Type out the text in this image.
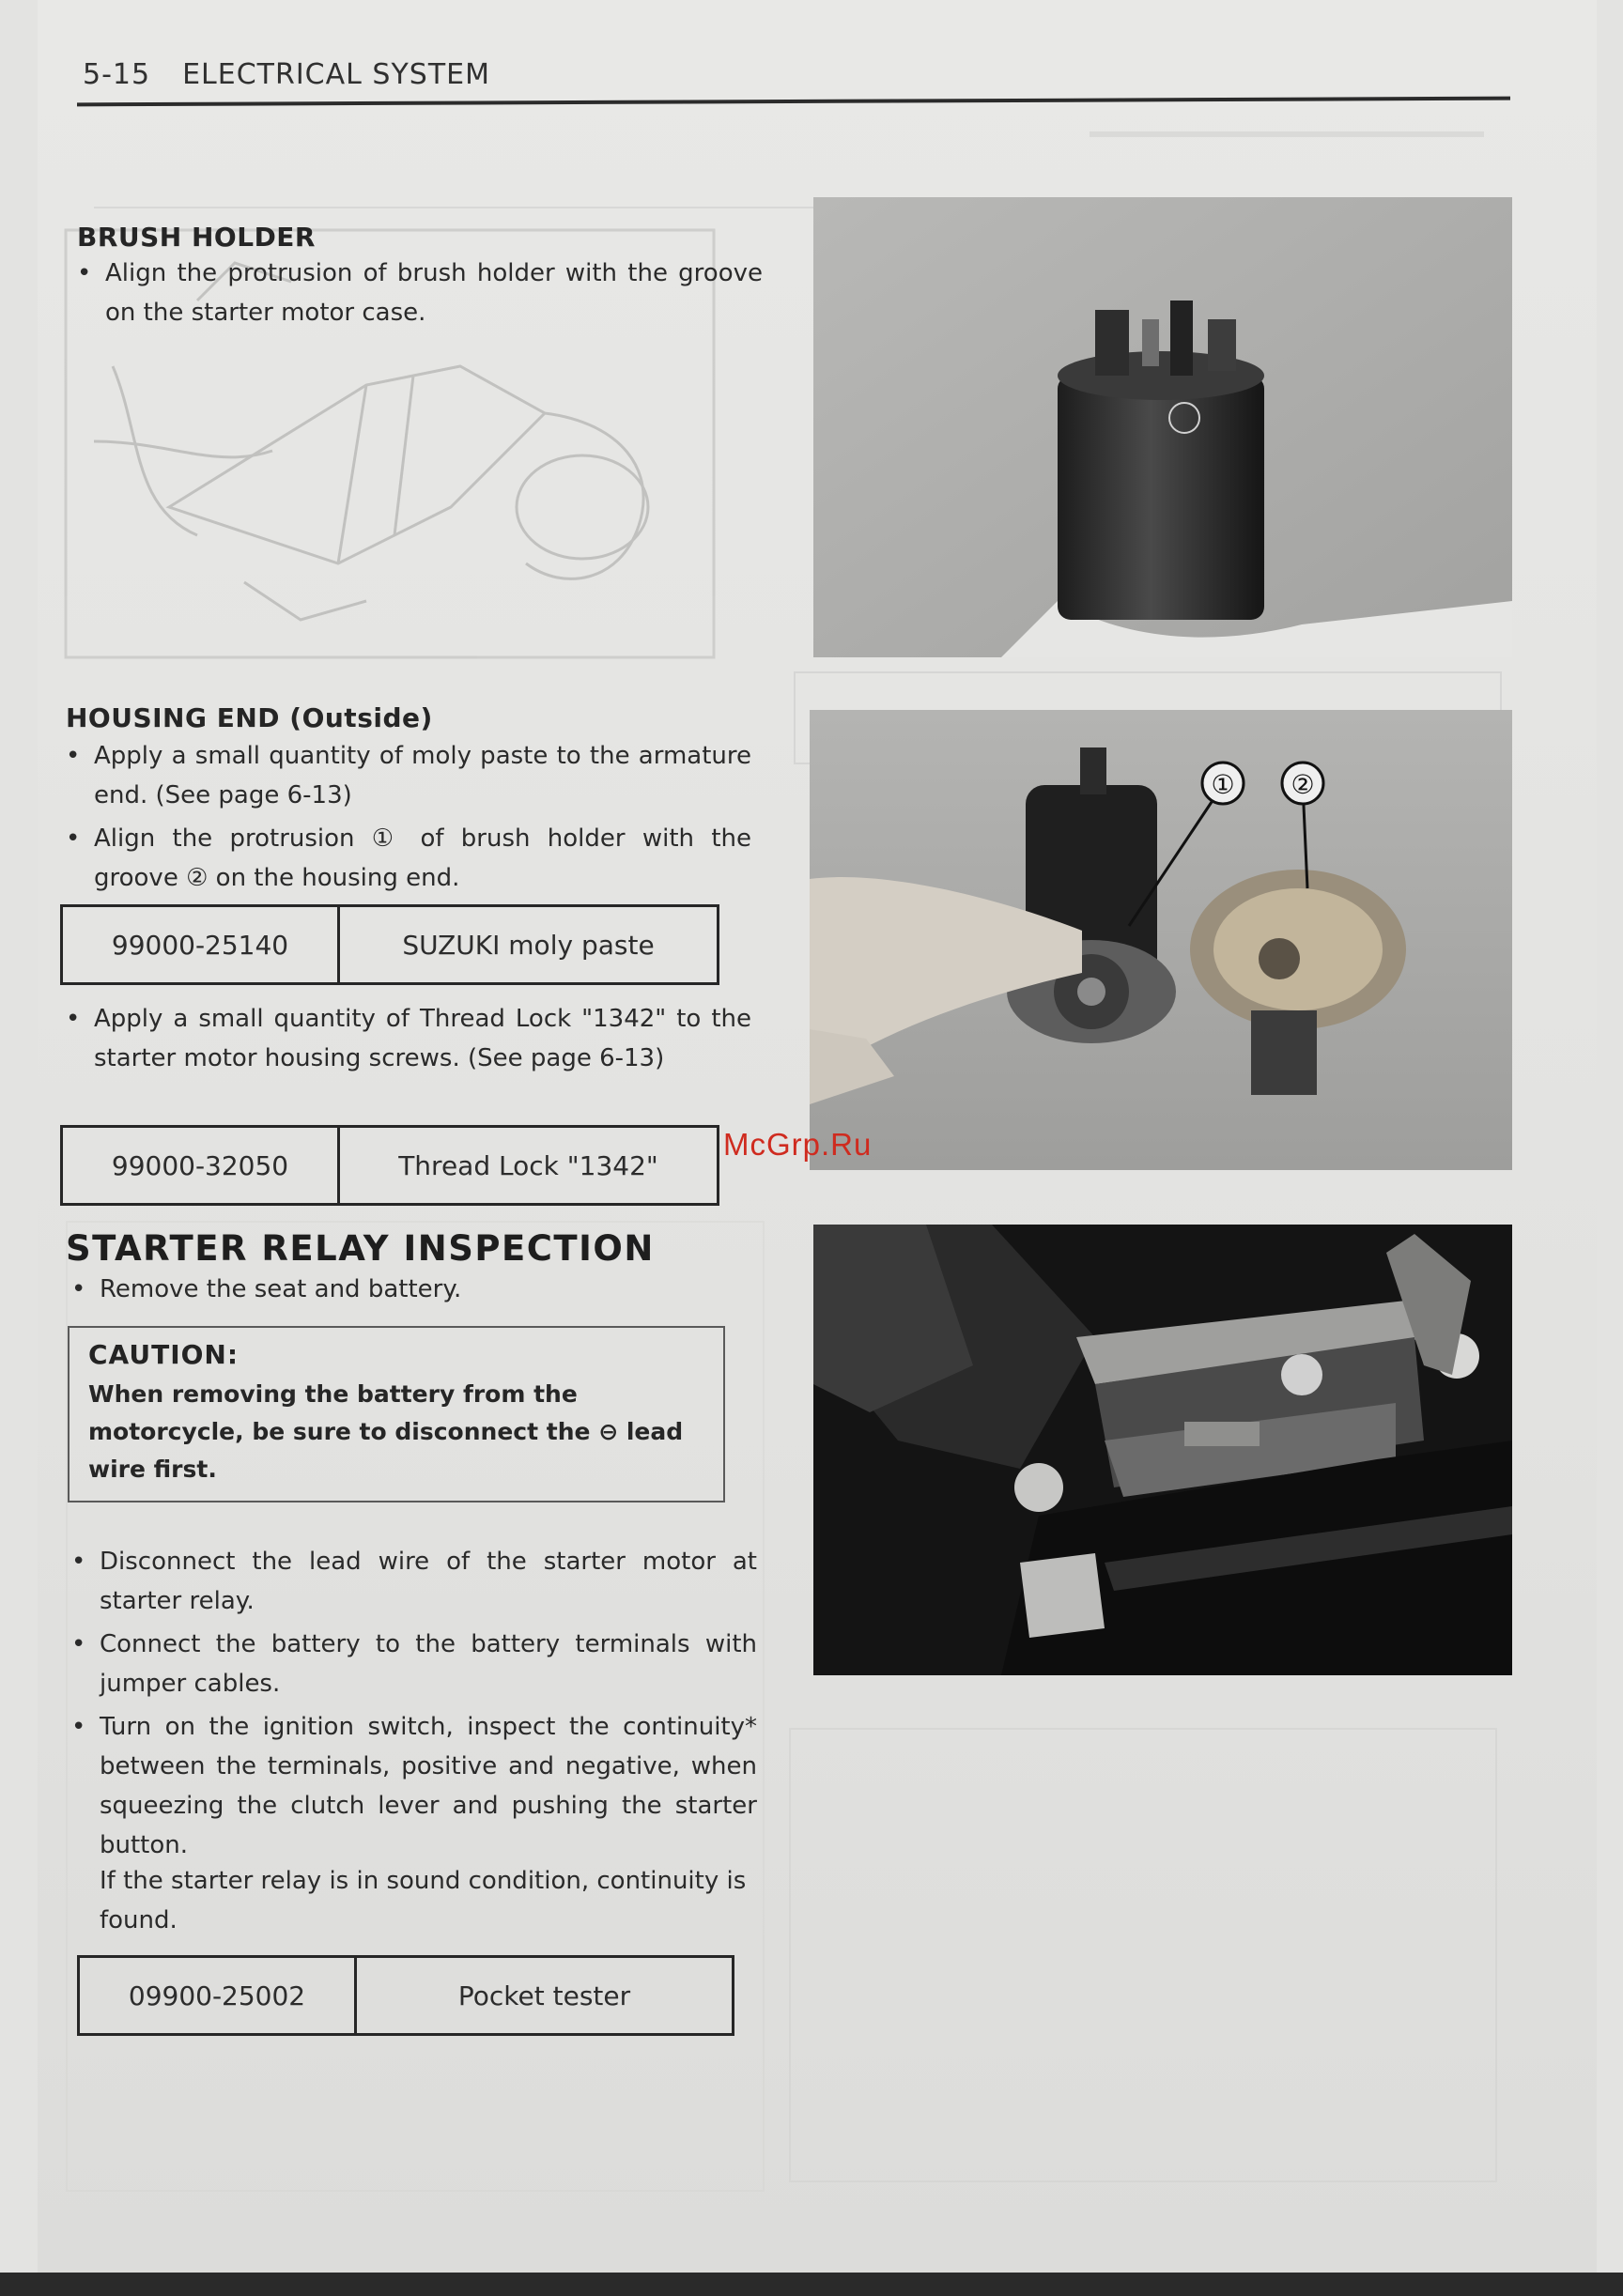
5-15 ELECTRICAL SYSTEM
BRUSH HOLDER
• Align the protrusion of brush holder with the groove on the starter motor case.
HOUSING END (Outside)
• Apply a small quantity of moly paste to the armature end. (See page 6-13)
• Align the protrusion ① of brush holder with the groove ② on the housing end.
99000-25140	SUZUKI moly paste
• Apply a small quantity of Thread Lock "1342" to the starter motor housing screws. (See page 6-13)
99000-32050	Thread Lock "1342"
STARTER RELAY INSPECTION
• Remove the seat and battery.
CAUTION:
When removing the battery from the motorcycle, be sure to disconnect the ⊖ lead wire first.
• Disconnect the lead wire of the starter motor at starter relay.
• Connect the battery to the battery terminals with jumper cables.
• Turn on the ignition switch, inspect the continuity* between the terminals, positive and negative, when squeezing the clutch lever and pushing the starter button.
If the starter relay is in sound condition, continuity is found.
09900-25002	Pocket tester
① ②
McGrp.Ru
